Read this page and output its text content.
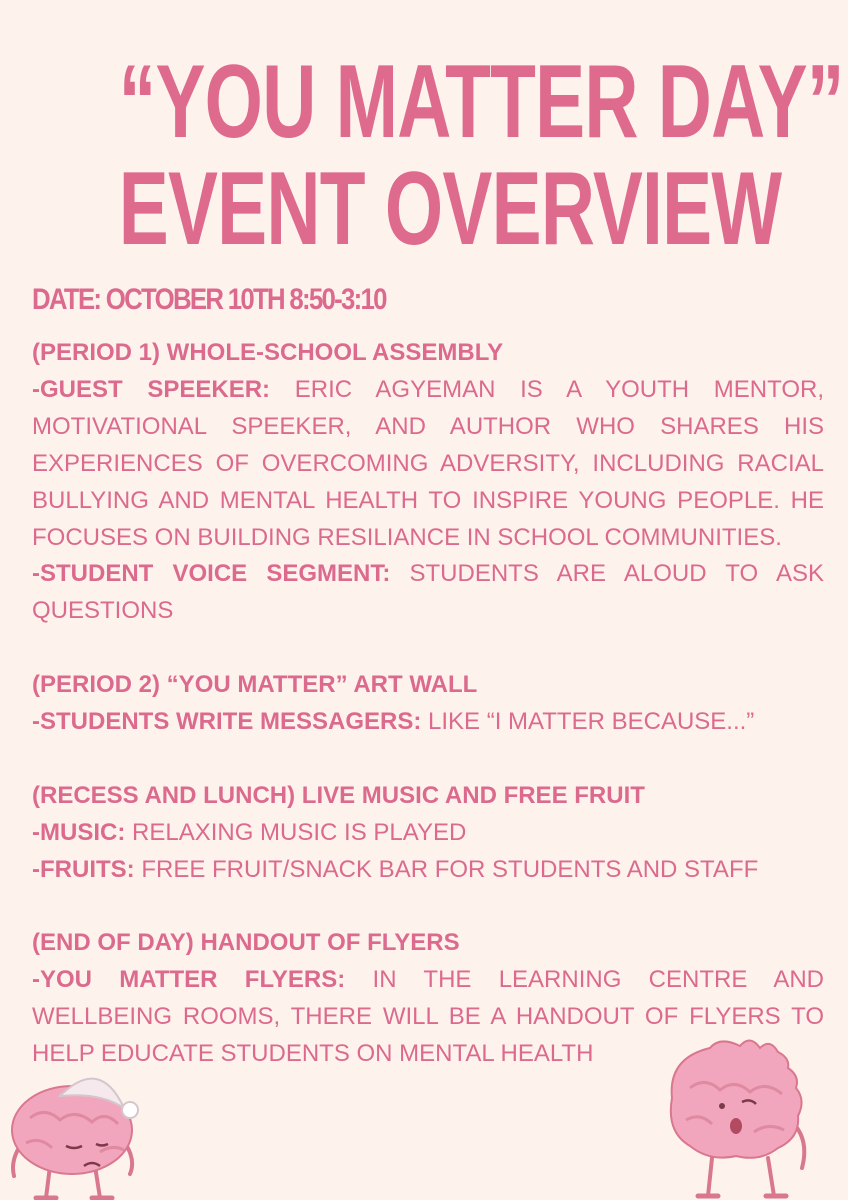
“YOU MATTER DAY”
EVENT OVERVIEW
DATE: OCTOBER 10TH 8:50-3:10

(PERIOD 1) WHOLE-SCHOOL ASSEMBLY

-GUEST SPEEKER: ERIC AGYEMAN IS A YOUTH MENTOR, MOTIVATIONAL SPEEKER, AND AUTHOR WHO SHARES HIS EXPERIENCES OF OVERCOMING ADVERSITY, INCLUDING RACIAL BULLYING AND MENTAL HEALTH TO INSPIRE YOUNG PEOPLE. HE FOCUSES ON BUILDING RESILIANCE IN SCHOOL COMMUNITIES.

-STUDENT VOICE SEGMENT: STUDENTS ARE ALOUD TO ASK QUESTIONS

(PERIOD 2) “YOU MATTER” ART WALL

-STUDENTS WRITE MESSAGERS: LIKE “I MATTER BECAUSE...”

(RECESS AND LUNCH) LIVE MUSIC AND FREE FRUIT

-MUSIC: RELAXING MUSIC IS PLAYED

-FRUITS: FREE FRUIT/SNACK BAR FOR STUDENTS AND STAFF

(END OF DAY) HANDOUT OF FLYERS

-YOU MATTER FLYERS: IN THE LEARNING CENTRE AND WELLBEING ROOMS, THERE WILL BE A HANDOUT OF FLYERS TO HELP EDUCATE STUDENTS ON MENTAL HEALTH
